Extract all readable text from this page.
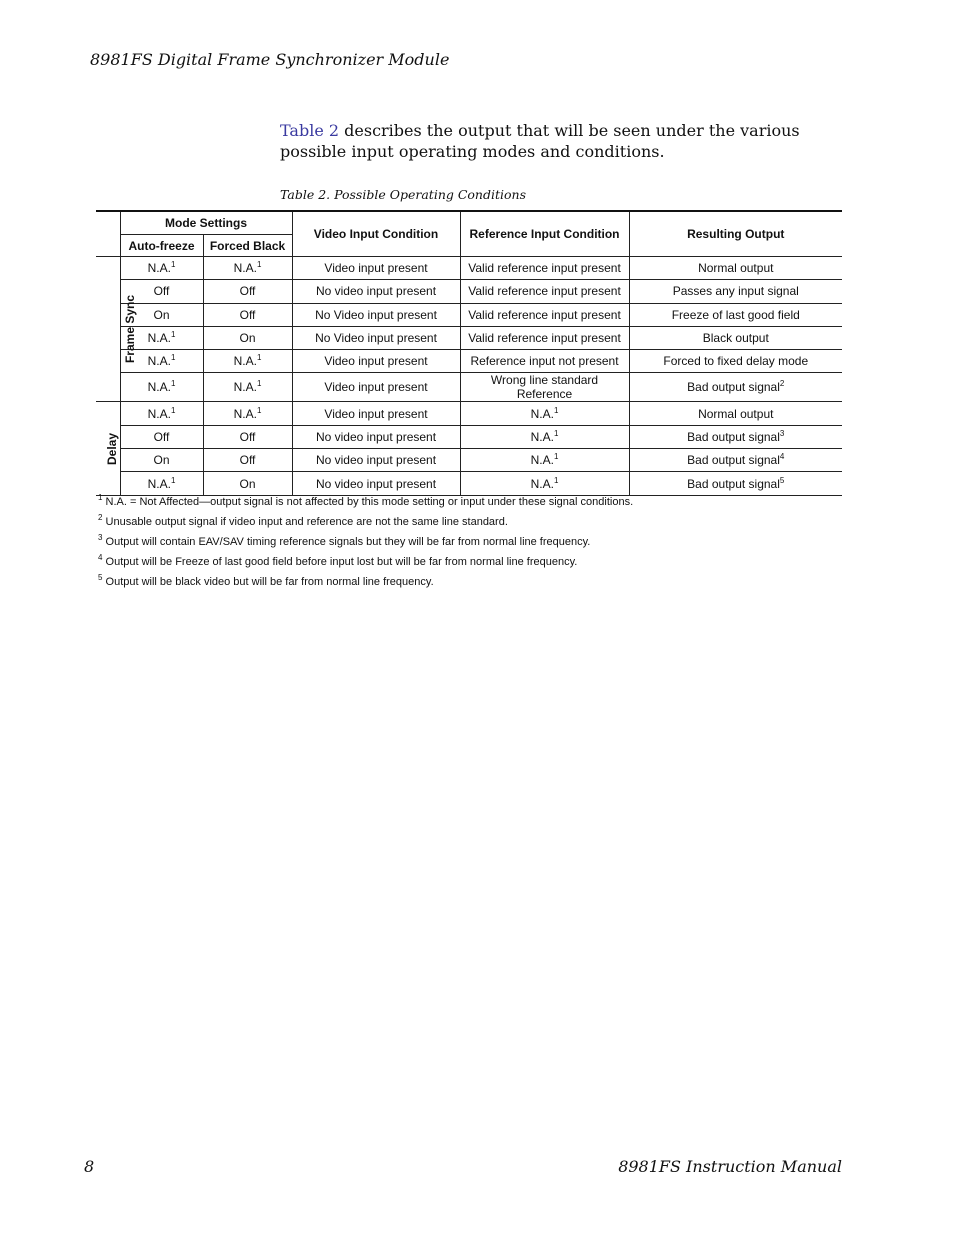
8981FS Digital Frame Synchronizer Module

Table 2 describes the output that will be seen under the various possible input operating modes and conditions.

Table 2. Possible Operating Conditions
	Mode Settings		Video Input Condition	Reference Input Condition	Resulting Output
	Auto-freeze	Forced Black			
Frame Sync	N.A.$^1$	N.A.$^1$	Video input present	Valid reference input present	Normal output
	Off	Off	No video input present	Valid reference input present	Passes any input signal
	On	Off	No Video input present	Valid reference input present	Freeze of last good field
	N.A.$^1$	On	No Video input present	Valid reference input present	Black output
	N.A.$^1$	N.A.$^1$	Video input present	Reference input not present	Forced to fixed delay mode
	N.A.$^1$	N.A.$^1$	Video input present	Wrong line standard Reference	Bad output signal$^2$
Delay	N.A.$^1$	N.A.$^1$	Video input present	N.A.$^1$	Normal output
	Off	Off	No video input present	N.A.$^1$	Bad output signal$^3$
	On	Off	No video input present	N.A.$^1$	Bad output signal$^4$
	N.A.$^1$	On	No video input present	N.A.$^1$	Bad output signal$^5$
$^1$ N.A. = Not Affected—output signal is not affected by this mode setting or input under these signal conditions.
$^2$ Unusable output signal if video input and reference are not the same line standard.
$^3$ Output will contain EAV/SAV timing reference signals but they will be far from normal line frequency.
$^4$ Output will be Freeze of last good field before input lost but will be far from normal line frequency.
$^5$ Output will be black video but will be far from normal line frequency.
8	8981FS Instruction Manual
